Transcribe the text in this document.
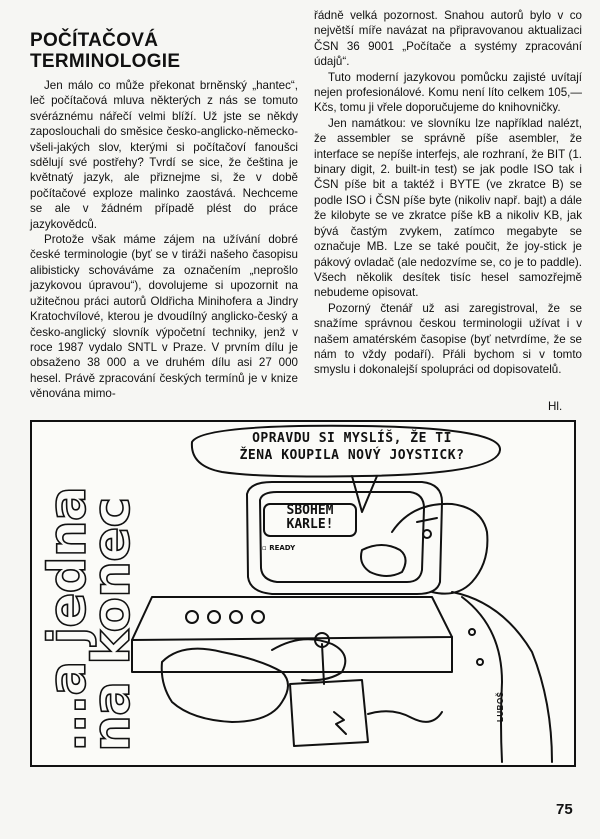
POČÍTAČOVÁ
TERMINOLOGIE

Jen málo co může překonat brněnský „hantec“, leč počítačová mluva některých z nás se tomuto svéráznému nářečí velmi blíží. Už jste se někdy zaposlouchali do směsice česko-anglicko-německo-všeli-jakých slov, kterými si počítačoví fanoušci sdělují své postřehy? Tvrdí se sice, že čeština je květnatý jazyk, ale přiznejme si, že v době počítačové exploze malinko zaostává. Nechceme se ale v žádném případě plést do práce jazykovědců.

Protože však máme zájem na užívání dobré české terminologie (byť se v tiráži našeho časopisu alibisticky schováváme za označením „neprošlo jazykovou úpravou“), dovolujeme si upozornit na užitečnou práci autorů Oldřicha Minihofera a Jindry Kratochvílové, kterou je dvoudílný anglicko-český a česko-anglický slovník výpočetní techniky, jenž v roce 1987 vydalo SNTL v Praze. V prvním dílu je obsaženo 38 000 a ve druhém dílu asi 27 000 hesel. Právě zpracování českých termínů je v knize věnována mimo-

řádně velká pozornost. Snahou autorů bylo v co největší míře navázat na připravovanou aktualizaci ČSN 36 9001 „Počítače a systémy zpracování údajů“.

Tuto moderní jazykovou pomůcku zajisté uvítají nejen profesionálové. Komu není líto celkem 105,— Kčs, tomu ji vřele doporučujeme do knihovničky.

Jen namátkou: ve slovníku lze například nalézt, že assembler se správně píše asembler, že interface se nepíše interfejs, ale rozhraní, že BIT (1. binary digit, 2. built-in test) se jak podle ISO tak i ČSN píše bit a taktéž i BYTE (ve zkratce B) se podle ISO i ČSN píše byte (nikoliv např. bajt) a dále že kilobyte se ve zkratce píše kB a nikoliv KB, jak bývá častým zvykem, zatímco megabyte se označuje MB. Lze se také poučit, že joy-stick je pákový ovladač (ale nedozvíme se, co je to paddle). Všech několik desítek tisíc hesel samozřejmě nebudeme opisovat.

Pozorný čtenář už asi zaregistroval, že se snažíme správnou českou terminologii užívat i v našem amatérském časopise (byť netvrdíme, že se nám to vždy podaří). Přáli bychom si v tomto smyslu i dokonalejší spolupráci od dopisovatelů.

Hl.
...a jedna
na konec
OPRAVDU SI MYSLÍŠ, ŽE TI
ŽENA KOUPILA NOVÝ JOYSTICK?
SBOHEM
KARLE!
▫ READY
LUBOŠ
75
